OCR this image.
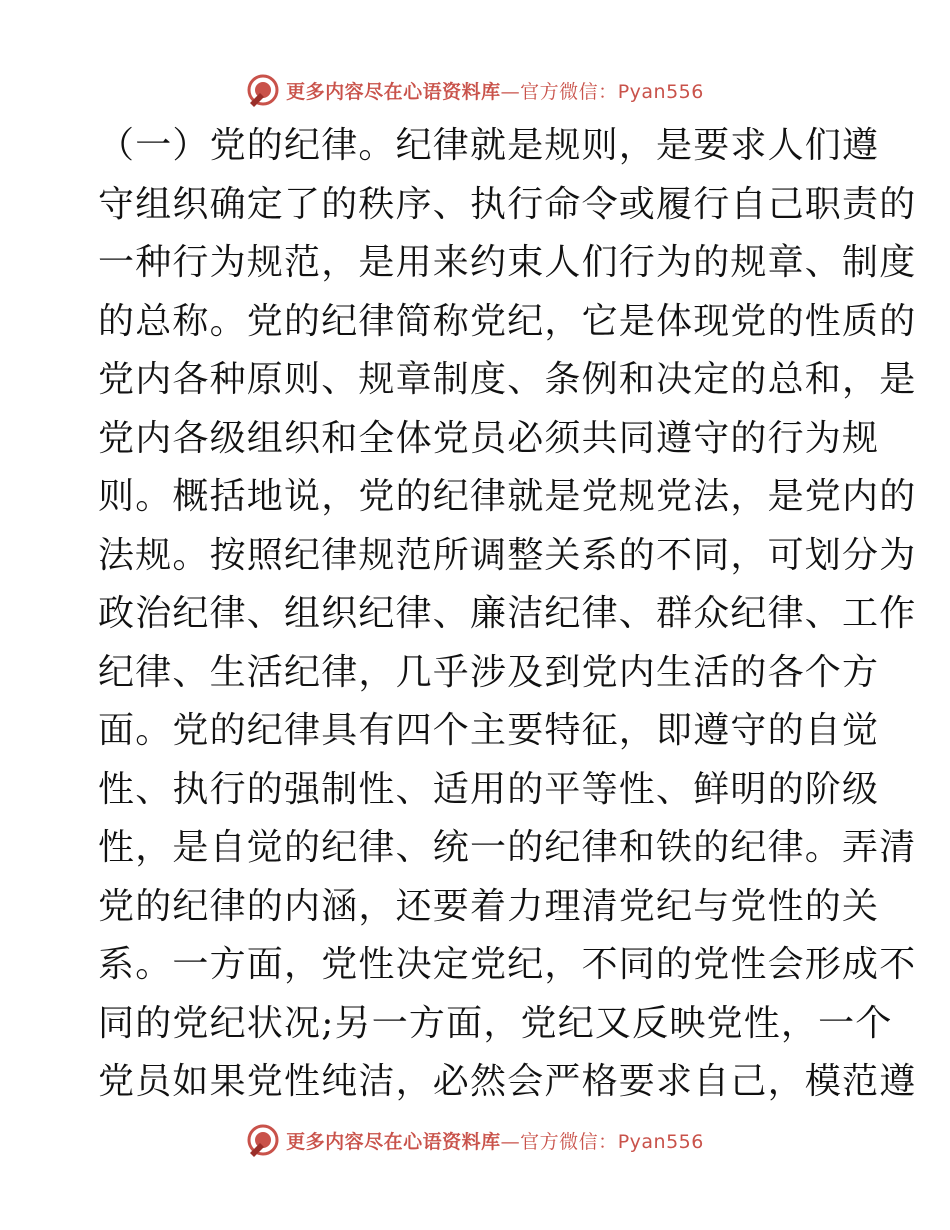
更多内容尽在心语资料库 —官方微信： Pyan556
（一）党的纪律。纪律就是规则，是要求人们遵
守组织确定了的秩序、执行命令或履行自己职责的
一种行为规范，是用来约束人们行为的规章、制度
的总称。党的纪律简称党纪，它是体现党的性质的
党内各种原则、规章制度、条例和决定的总和，是
党内各级组织和全体党员必须共同遵守的行为规
则。概括地说，党的纪律就是党规党法，是党内的
法规。按照纪律规范所调整关系的不同，可划分为
政治纪律、组织纪律、廉洁纪律、群众纪律、工作
纪律、生活纪律，几乎涉及到党内生活的各个方
面。党的纪律具有四个主要特征，即遵守的自觉
性、执行的强制性、适用的平等性、鲜明的阶级
性，是自觉的纪律、统一的纪律和铁的纪律。弄清
党的纪律的内涵，还要着力理清党纪与党性的关
系。一方面，党性决定党纪，不同的党性会形成不
同的党纪状况;另一方面，党纪又反映党性，一个
党员如果党性纯洁，必然会严格要求自己，模范遵
更多内容尽在心语资料库 —官方微信： Pyan556
